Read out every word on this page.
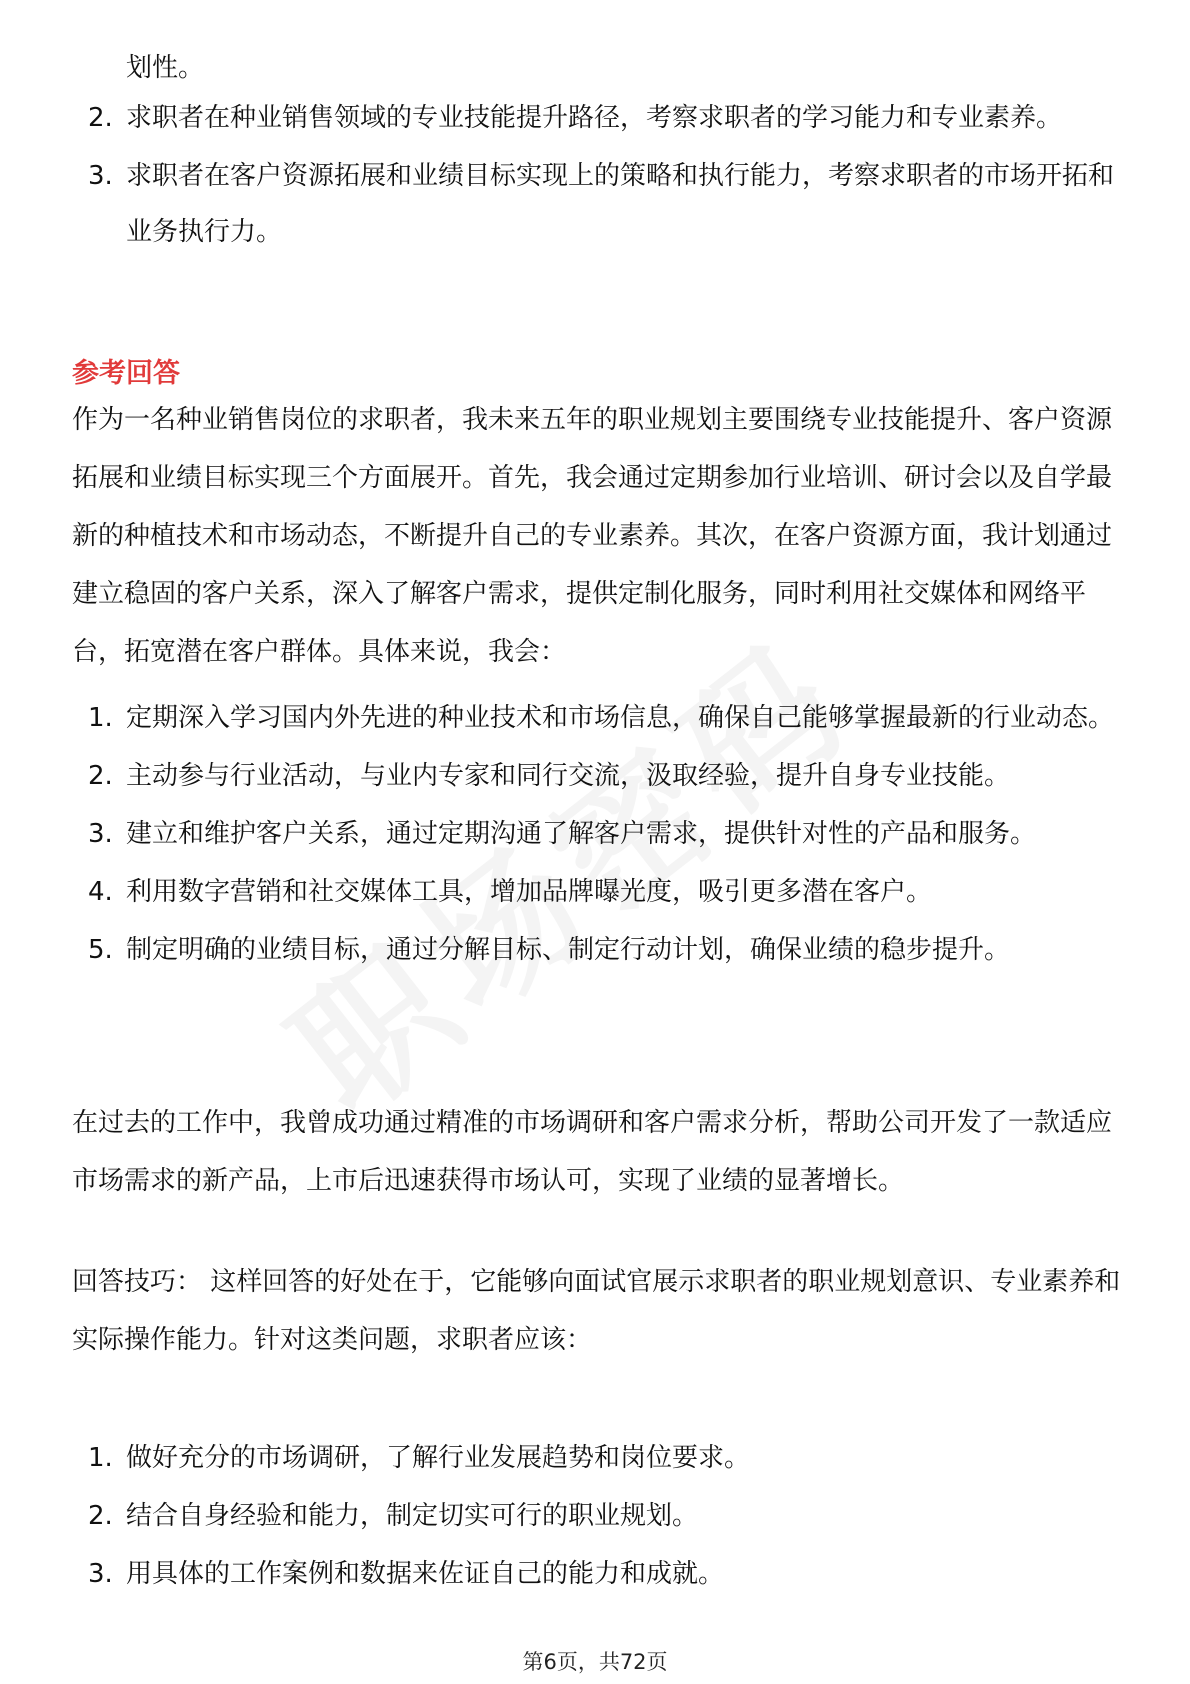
划性。
2. 求职者在种业销售领域的专业技能提升路径，考察求职者的学习能力和专业素养。
3. 求职者在客户资源拓展和业绩目标实现上的策略和执行能力，考察求职者的市场开拓和业务执行力。
参考回答

作为一名种业销售岗位的求职者，我未来五年的职业规划主要围绕专业技能提升、客户资源拓展和业绩目标实现三个方面展开。首先，我会通过定期参加行业培训、研讨会以及自学最新的种植技术和市场动态，不断提升自己的专业素养。其次，在客户资源方面，我计划通过建立稳固的客户关系，深入了解客户需求，提供定制化服务，同时利用社交媒体和网络平台，拓宽潜在客户群体。具体来说，我会：

1. 定期深入学习国内外先进的种业技术和市场信息，确保自己能够掌握最新的行业动态。
2. 主动参与行业活动，与业内专家和同行交流，汲取经验，提升自身专业技能。
3. 建立和维护客户关系，通过定期沟通了解客户需求，提供针对性的产品和服务。
4. 利用数字营销和社交媒体工具，增加品牌曝光度，吸引更多潜在客户。
5. 制定明确的业绩目标，通过分解目标、制定行动计划，确保业绩的稳步提升。

在过去的工作中，我曾成功通过精准的市场调研和客户需求分析，帮助公司开发了一款适应市场需求的新产品，上市后迅速获得市场认可，实现了业绩的显著增长。

回答技巧： 这样回答的好处在于，它能够向面试官展示求职者的职业规划意识、专业素养和实际操作能力。针对这类问题，求职者应该：

1. 做好充分的市场调研，了解行业发展趋势和岗位要求。
2. 结合自身经验和能力，制定切实可行的职业规划。
3. 用具体的工作案例和数据来佐证自己的能力和成就。
第6页，共72页
